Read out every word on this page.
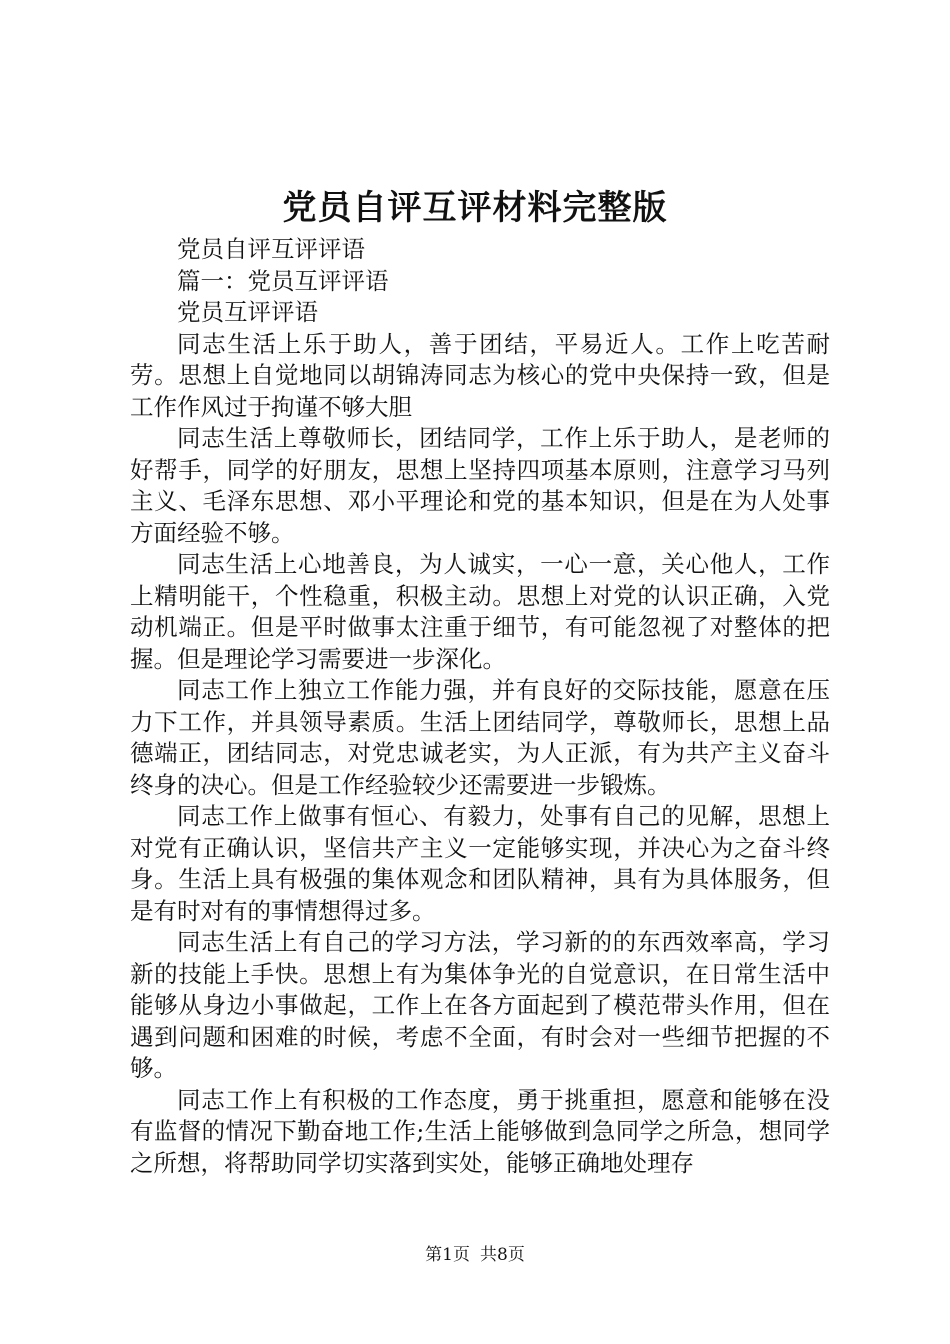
党员自评互评材料完整版

党员自评互评评语

篇一：党员互评评语

党员互评评语

同志生活上乐于助人，善于团结，平易近人。工作上吃苦耐劳。思想上自觉地同以胡锦涛同志为核心的党中央保持一致，但是工作作风过于拘谨不够大胆

同志生活上尊敬师长，团结同学，工作上乐于助人，是老师的好帮手，同学的好朋友，思想上坚持四项基本原则，注意学习马列主义、毛泽东思想、邓小平理论和党的基本知识，但是在为人处事方面经验不够。

同志生活上心地善良，为人诚实，一心一意，关心他人，工作上精明能干，个性稳重，积极主动。思想上对党的认识正确，入党动机端正。但是平时做事太注重于细节，有可能忽视了对整体的把握。但是理论学习需要进一步深化。

同志工作上独立工作能力强，并有良好的交际技能，愿意在压力下工作，并具领导素质。生活上团结同学，尊敬师长，思想上品德端正，团结同志，对党忠诚老实，为人正派，有为共产主义奋斗终身的决心。但是工作经验较少还需要进一步锻炼。

同志工作上做事有恒心、有毅力，处事有自己的见解，思想上对党有正确认识，坚信共产主义一定能够实现，并决心为之奋斗终身。生活上具有极强的集体观念和团队精神，具有为具体服务，但是有时对有的事情想得过多。

同志生活上有自己的学习方法，学习新的的东西效率高，学习新的技能上手快。思想上有为集体争光的自觉意识，在日常生活中能够从身边小事做起，工作上在各方面起到了模范带头作用，但在遇到问题和困难的时候，考虑不全面，有时会对一些细节把握的不够。

同志工作上有积极的工作态度，勇于挑重担，愿意和能够在没有监督的情况下勤奋地工作;生活上能够做到急同学之所急，想同学之所想，将帮助同学切实落到实处，能够正确地处理存

第1页 共8页
